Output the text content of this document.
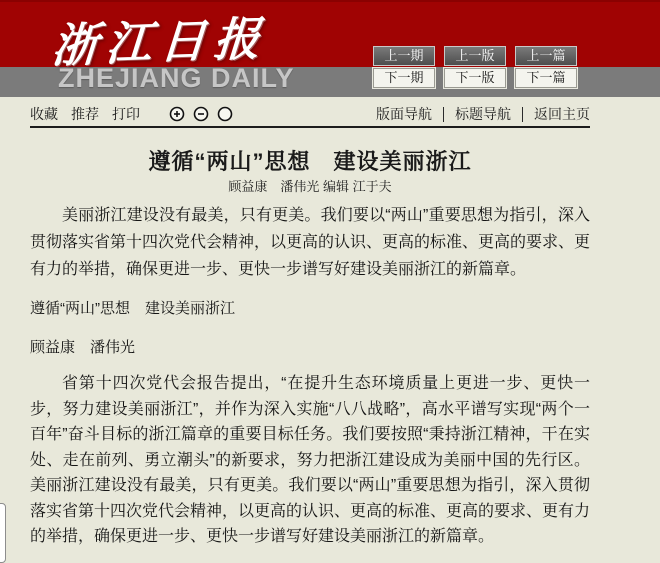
浙江日报
ZHEJIANG DAILY
上一期	上一版	上一篇
下一期	下一版	下一篇
收藏 推荐 打印	版面导航 标题导航 返回主页
遵循“两山”思想　建设美丽浙江
顾益康　潘伟光 编辑 江于夫

美丽浙江建设没有最美，只有更美。我们要以“两山”重要思想为指引，深入贯彻落实省第十四次党代会精神，以更高的认识、更高的标准、更高的要求、更有力的举措，确保更进一步、更快一步谱写好建设美丽浙江的新篇章。

遵循“两山”思想　建设美丽浙江
顾益康　潘伟光

省第十四次党代会报告提出，“在提升生态环境质量上更进一步、更快一步，努力建设美丽浙江”，并作为深入实施“八八战略”，高水平谱写实现“两个一百年”奋斗目标的浙江篇章的重要目标任务。我们要按照“秉持浙江精神，干在实处、走在前列、勇立潮头”的新要求，努力把浙江建设成为美丽中国的先行区。美丽浙江建设没有最美，只有更美。我们要以“两山”重要思想为指引，深入贯彻落实省第十四次党代会精神，以更高的认识、更高的标准、更高的要求、更有力的举措，确保更进一步、更快一步谱写好建设美丽浙江的新篇章。
